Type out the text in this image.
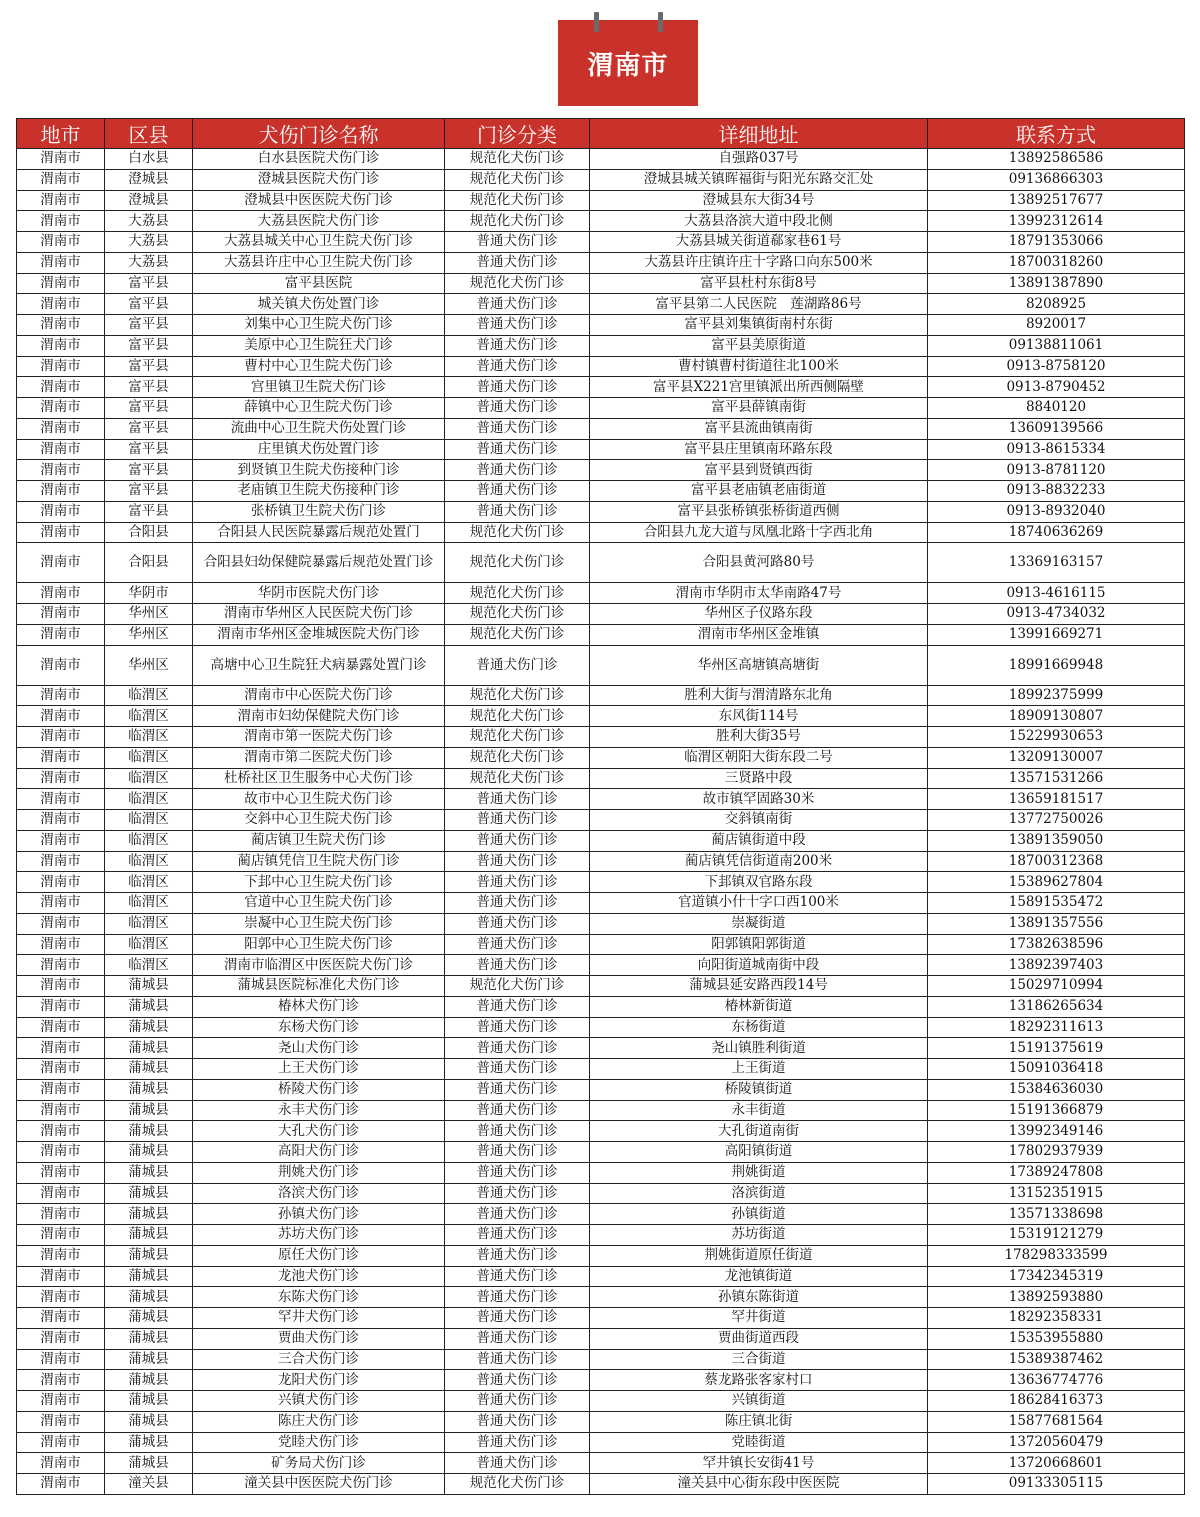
渭南市
地市	区县	犬伤门诊名称	门诊分类	详细地址	联系方式
渭南市	白水县	白水县医院犬伤门诊	规范化犬伤门诊	自强路037号	13892586586
渭南市	澄城县	澄城县医院犬伤门诊	规范化犬伤门诊	澄城县城关镇晖福街与阳光东路交汇处	09136866303
渭南市	澄城县	澄城县中医医院犬伤门诊	规范化犬伤门诊	澄城县东大街34号	13892517677
渭南市	大荔县	大荔县医院犬伤门诊	规范化犬伤门诊	大荔县洛滨大道中段北侧	13992312614
渭南市	大荔县	大荔县城关中心卫生院犬伤门诊	普通犬伤门诊	大荔县城关街道郗家巷61号	18791353066
渭南市	大荔县	大荔县许庄中心卫生院犬伤门诊	普通犬伤门诊	大荔县许庄镇许庄十字路口向东500米	18700318260
渭南市	富平县	富平县医院	规范化犬伤门诊	富平县杜村东街8号	13891387890
渭南市	富平县	城关镇犬伤处置门诊	普通犬伤门诊	富平县第二人民医院　莲湖路86号	8208925
渭南市	富平县	刘集中心卫生院犬伤门诊	普通犬伤门诊	富平县刘集镇街南村东街	8920017
渭南市	富平县	美原中心卫生院狂犬门诊	普通犬伤门诊	富平县美原街道	09138811061
渭南市	富平县	曹村中心卫生院犬伤门诊	普通犬伤门诊	曹村镇曹村街道往北100米	0913-8758120
渭南市	富平县	宫里镇卫生院犬伤门诊	普通犬伤门诊	富平县X221宫里镇派出所西侧隔壁	0913-8790452
渭南市	富平县	薛镇中心卫生院犬伤门诊	普通犬伤门诊	富平县薛镇南街	8840120
渭南市	富平县	流曲中心卫生院犬伤处置门诊	普通犬伤门诊	富平县流曲镇南街	13609139566
渭南市	富平县	庄里镇犬伤处置门诊	普通犬伤门诊	富平县庄里镇南环路东段	0913-8615334
渭南市	富平县	到贤镇卫生院犬伤接种门诊	普通犬伤门诊	富平县到贤镇西街	0913-8781120
渭南市	富平县	老庙镇卫生院犬伤接种门诊	普通犬伤门诊	富平县老庙镇老庙街道	0913-8832233
渭南市	富平县	张桥镇卫生院犬伤门诊	普通犬伤门诊	富平县张桥镇张桥街道西侧	0913-8932040
渭南市	合阳县	合阳县人民医院暴露后规范处置门	规范化犬伤门诊	合阳县九龙大道与凤凰北路十字西北角	18740636269
渭南市	合阳县	合阳县妇幼保健院暴露后规范处置门诊	规范化犬伤门诊	合阳县黄河路80号	13369163157
渭南市	华阴市	华阴市医院犬伤门诊	规范化犬伤门诊	渭南市华阴市太华南路47号	0913-4616115
渭南市	华州区	渭南市华州区人民医院犬伤门诊	规范化犬伤门诊	华州区子仪路东段	0913-4734032
渭南市	华州区	渭南市华州区金堆城医院犬伤门诊	规范化犬伤门诊	渭南市华州区金堆镇	13991669271
渭南市	华州区	高塘中心卫生院狂犬病暴露处置门诊	普通犬伤门诊	华州区高塘镇高塘街	18991669948
渭南市	临渭区	渭南市中心医院犬伤门诊	规范化犬伤门诊	胜利大街与渭清路东北角	18992375999
渭南市	临渭区	渭南市妇幼保健院犬伤门诊	规范化犬伤门诊	东风街114号	18909130807
渭南市	临渭区	渭南市第一医院犬伤门诊	规范化犬伤门诊	胜利大街35号	15229930653
渭南市	临渭区	渭南市第二医院犬伤门诊	规范化犬伤门诊	临渭区朝阳大街东段二号	13209130007
渭南市	临渭区	杜桥社区卫生服务中心犬伤门诊	规范化犬伤门诊	三贤路中段	13571531266
渭南市	临渭区	故市中心卫生院犬伤门诊	普通犬伤门诊	故市镇罕固路30米	13659181517
渭南市	临渭区	交斜中心卫生院犬伤门诊	普通犬伤门诊	交斜镇南街	13772750026
渭南市	临渭区	蔺店镇卫生院犬伤门诊	普通犬伤门诊	蔺店镇街道中段	13891359050
渭南市	临渭区	蔺店镇凭信卫生院犬伤门诊	普通犬伤门诊	蔺店镇凭信街道南200米	18700312368
渭南市	临渭区	下邽中心卫生院犬伤门诊	普通犬伤门诊	下邽镇双官路东段	15389627804
渭南市	临渭区	官道中心卫生院犬伤门诊	普通犬伤门诊	官道镇小什十字口西100米	15891535472
渭南市	临渭区	崇凝中心卫生院犬伤门诊	普通犬伤门诊	崇凝街道	13891357556
渭南市	临渭区	阳郭中心卫生院犬伤门诊	普通犬伤门诊	阳郭镇阳郭街道	17382638596
渭南市	临渭区	渭南市临渭区中医医院犬伤门诊	普通犬伤门诊	向阳街道城南街中段	13892397403
渭南市	蒲城县	蒲城县医院标准化犬伤门诊	规范化犬伤门诊	蒲城县延安路西段14号	15029710994
渭南市	蒲城县	椿林犬伤门诊	普通犬伤门诊	椿林新街道	13186265634
渭南市	蒲城县	东杨犬伤门诊	普通犬伤门诊	东杨街道	18292311613
渭南市	蒲城县	尧山犬伤门诊	普通犬伤门诊	尧山镇胜利街道	15191375619
渭南市	蒲城县	上王犬伤门诊	普通犬伤门诊	上王街道	15091036418
渭南市	蒲城县	桥陵犬伤门诊	普通犬伤门诊	桥陵镇街道	15384636030
渭南市	蒲城县	永丰犬伤门诊	普通犬伤门诊	永丰街道	15191366879
渭南市	蒲城县	大孔犬伤门诊	普通犬伤门诊	大孔街道南街	13992349146
渭南市	蒲城县	高阳犬伤门诊	普通犬伤门诊	高阳镇街道	17802937939
渭南市	蒲城县	荆姚犬伤门诊	普通犬伤门诊	荆姚街道	17389247808
渭南市	蒲城县	洛滨犬伤门诊	普通犬伤门诊	洛滨街道	13152351915
渭南市	蒲城县	孙镇犬伤门诊	普通犬伤门诊	孙镇街道	13571338698
渭南市	蒲城县	苏坊犬伤门诊	普通犬伤门诊	苏坊街道	15319121279
渭南市	蒲城县	原任犬伤门诊	普通犬伤门诊	荆姚街道原任街道	178298333599
渭南市	蒲城县	龙池犬伤门诊	普通犬伤门诊	龙池镇街道	17342345319
渭南市	蒲城县	东陈犬伤门诊	普通犬伤门诊	孙镇东陈街道	13892593880
渭南市	蒲城县	罕井犬伤门诊	普通犬伤门诊	罕井街道	18292358331
渭南市	蒲城县	贾曲犬伤门诊	普通犬伤门诊	贾曲街道西段	15353955880
渭南市	蒲城县	三合犬伤门诊	普通犬伤门诊	三合街道	15389387462
渭南市	蒲城县	龙阳犬伤门诊	普通犬伤门诊	蔡龙路张客家村口	13636774776
渭南市	蒲城县	兴镇犬伤门诊	普通犬伤门诊	兴镇街道	18628416373
渭南市	蒲城县	陈庄犬伤门诊	普通犬伤门诊	陈庄镇北街	15877681564
渭南市	蒲城县	党睦犬伤门诊	普通犬伤门诊	党睦街道	13720560479
渭南市	蒲城县	矿务局犬伤门诊	普通犬伤门诊	罕井镇长安街41号	13720668601
渭南市	潼关县	潼关县中医医院犬伤门诊	规范化犬伤门诊	潼关县中心街东段中医医院	09133305115
